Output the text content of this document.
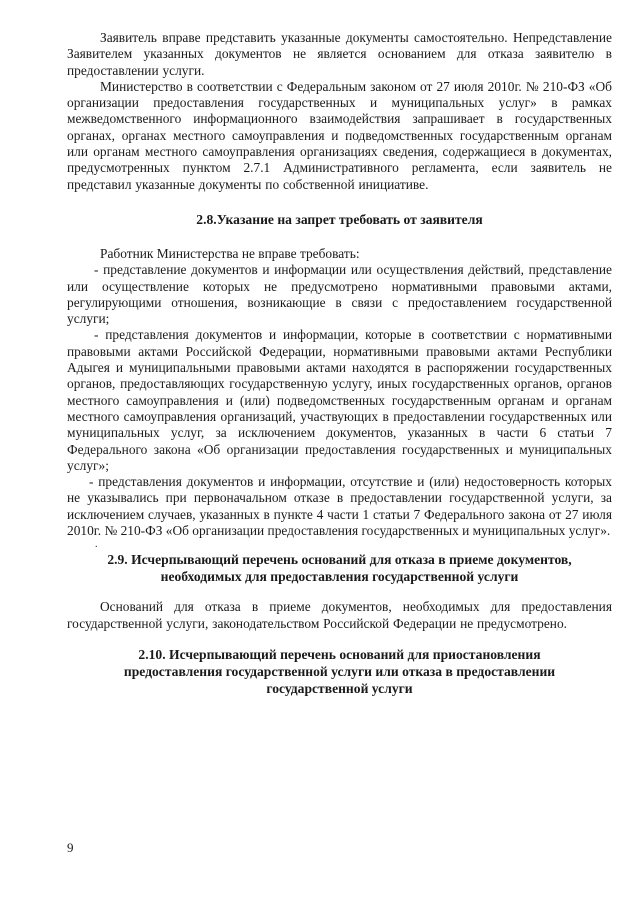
Заявитель вправе представить указанные документы самостоятельно. Непредставление Заявителем указанных документов не является основанием для отказа заявителю в предоставлении услуги.

Министерство в соответствии с Федеральным законом от 27 июля 2010г. № 210-ФЗ «Об организации предоставления государственных и муниципальных услуг» в рамках межведомственного информационного взаимодействия запрашивает в государственных органах, органах местного самоуправления и подведомственных государственным органам или органам местного самоуправления организациях сведения, содержащиеся в документах, предусмотренных пунктом 2.7.1 Административного регламента, если заявитель не представил указанные документы по собственной инициативе.

2.8.Указание на запрет требовать от заявителя

Работник Министерства не вправе требовать:

- представление документов и информации или осуществления действий, представление или осуществление которых не предусмотрено нормативными правовыми актами, регулирующими отношения, возникающие в связи с предоставлением государственной услуги;

- представления документов и информации, которые в соответствии с нормативными правовыми актами Российской Федерации, нормативными правовыми актами Республики Адыгея и муниципальными правовыми актами находятся в распоряжении государственных органов, предоставляющих государственную услугу, иных государственных органов, органов местного самоуправления и (или) подведомственных государственным органам и органам местного самоуправления организаций, участвующих в предоставлении государственных или муниципальных услуг, за исключением документов, указанных в части 6 статьи 7 Федерального закона «Об организации предоставления государственных и муниципальных услуг»;

- представления документов и информации, отсутствие и (или) недостоверность которых не указывались при первоначальном отказе в предоставлении государственной услуги, за исключением случаев, указанных в пункте 4 части 1 статьи 7 Федерального закона от 27 июля 2010г. № 210-ФЗ «Об организации предоставления государственных и муниципальных услуг».

.

2.9. Исчерпывающий перечень оснований для отказа в приеме документов,

необходимых для предоставления государственной услуги

Оснований для отказа в приеме документов, необходимых для предоставления государственной услуги, законодательством Российской Федерации не предусмотрено.

2.10. Исчерпывающий перечень оснований для приостановления

предоставления государственной услуги или отказа в предоставлении

государственной услуги

9
